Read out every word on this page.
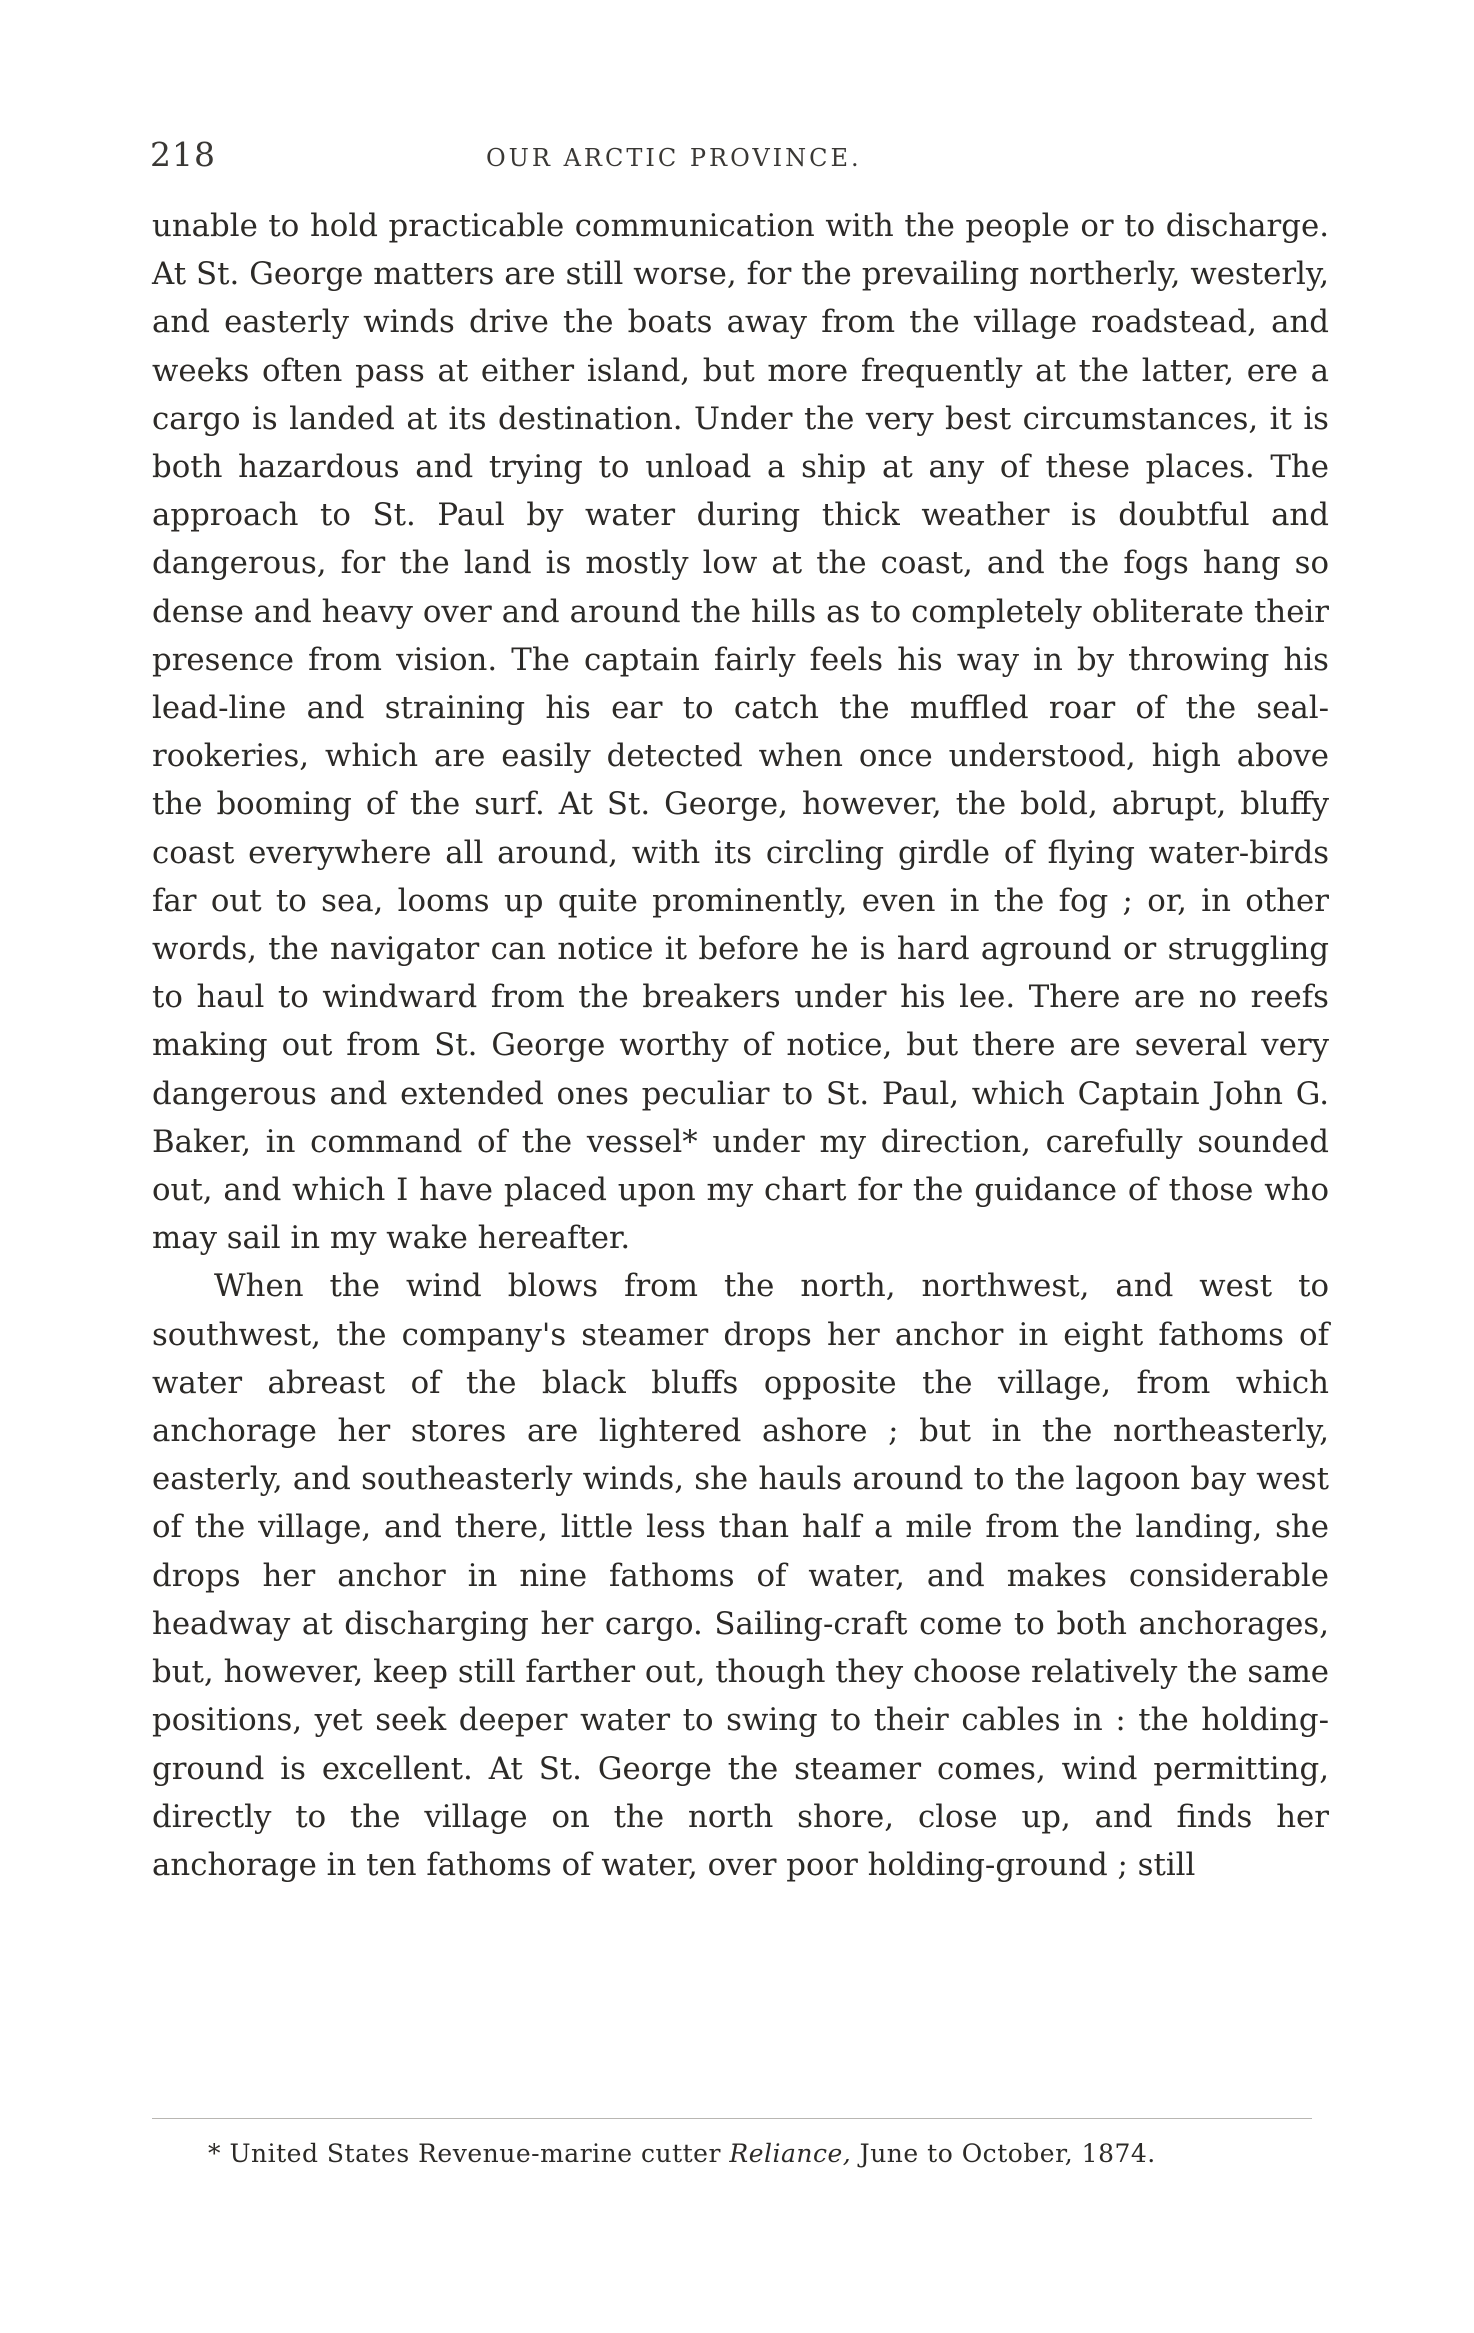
218	OUR ARCTIC PROVINCE.

unable to hold practicable communication with the people or to discharge. At St. George matters are still worse, for the prevailing northerly, westerly, and easterly winds drive the boats away from the village roadstead, and weeks often pass at either island, but more frequently at the latter, ere a cargo is landed at its destination. Under the very best circumstances, it is both hazardous and trying to unload a ship at any of these places. The approach to St. Paul by water during thick weather is doubtful and dangerous, for the land is mostly low at the coast, and the fogs hang so dense and heavy over and around the hills as to completely obliterate their presence from vision. The captain fairly feels his way in by throwing his lead-line and straining his ear to catch the muffled roar of the seal-rookeries, which are easily detected when once understood, high above the booming of the surf. At St. George, however, the bold, abrupt, bluffy coast everywhere all around, with its circling girdle of flying water-birds far out to sea, looms up quite prominently, even in the fog ; or, in other words, the navigator can notice it before he is hard aground or struggling to haul to windward from the breakers under his lee. There are no reefs making out from St. George worthy of notice, but there are several very dangerous and extended ones peculiar to St. Paul, which Captain John G. Baker, in command of the vessel* under my direction, carefully sounded out, and which I have placed upon my chart for the guidance of those who may sail in my wake hereafter.

When the wind blows from the north, northwest, and west to southwest, the company's steamer drops her anchor in eight fathoms of water abreast of the black bluffs opposite the village, from which anchorage her stores are lightered ashore ; but in the northeasterly, easterly, and southeasterly winds, she hauls around to the lagoon bay west of the village, and there, little less than half a mile from the landing, she drops her anchor in nine fathoms of water, and makes considerable headway at discharging her cargo. Sailing-craft come to both anchorages, but, however, keep still farther out, though they choose relatively the same positions, yet seek deeper water to swing to their cables in : the holding-ground is excellent. At St. George the steamer comes, wind permitting, directly to the village on the north shore, close up, and finds her anchorage in ten fathoms of water, over poor holding-ground ; still

* United States Revenue-marine cutter Reliance, June to October, 1874.
